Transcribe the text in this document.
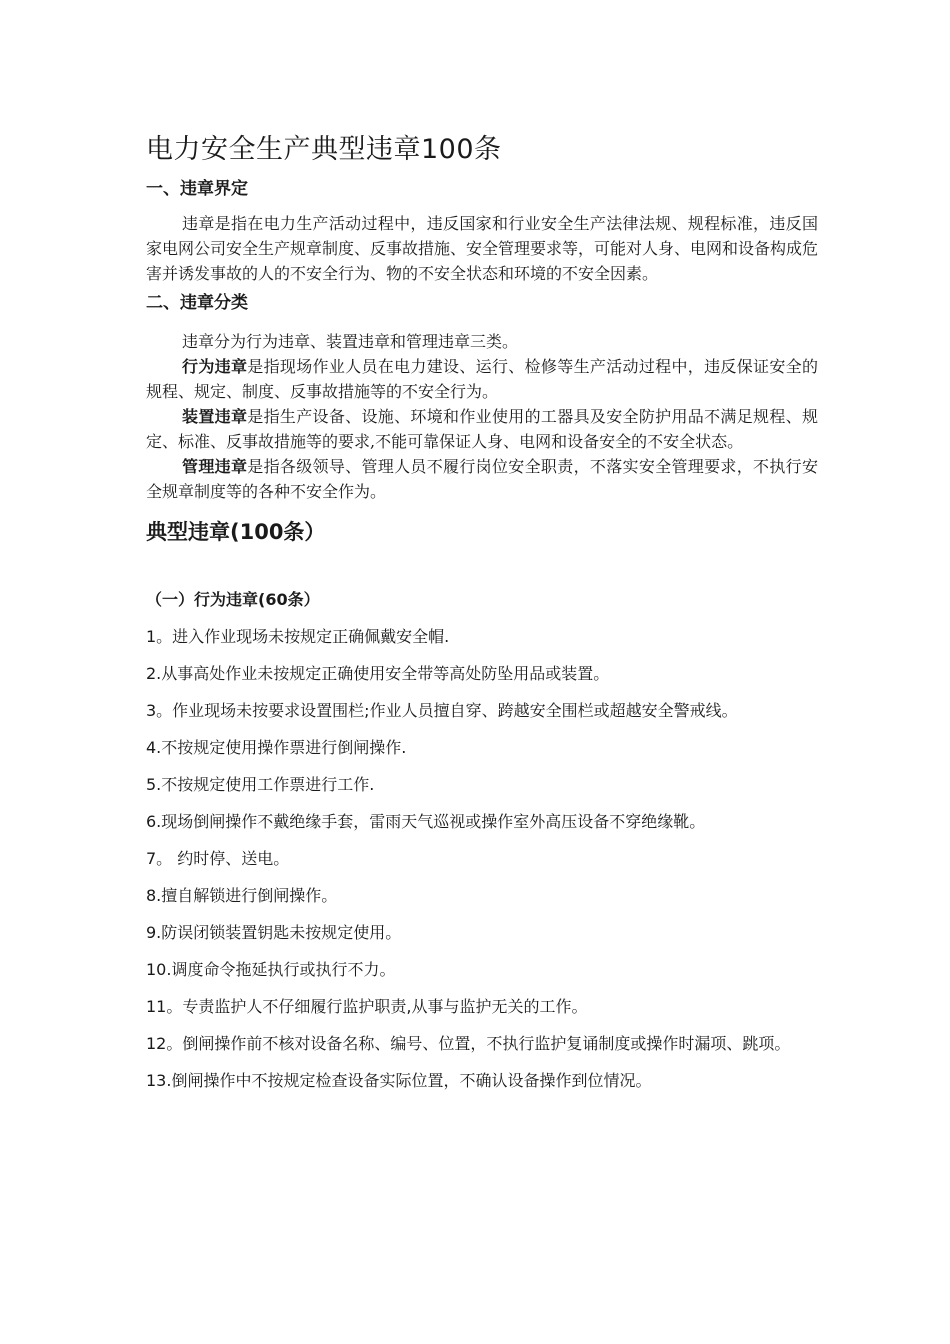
电力安全生产典型违章100条
一、违章界定

违章是指在电力生产活动过程中，违反国家和行业安全生产法律法规、规程标准，违反国家电网公司安全生产规章制度、反事故措施、安全管理要求等，可能对人身、电网和设备构成危害并诱发事故的人的不安全行为、物的不安全状态和环境的不安全因素。

二、违章分类

违章分为行为违章、装置违章和管理违章三类。

行为违章是指现场作业人员在电力建设、运行、检修等生产活动过程中，违反保证安全的规程、规定、制度、反事故措施等的不安全行为。

装置违章是指生产设备、设施、环境和作业使用的工器具及安全防护用品不满足规程、规定、标准、反事故措施等的要求,不能可靠保证人身、电网和设备安全的不安全状态。

管理违章是指各级领导、管理人员不履行岗位安全职责，不落实安全管理要求，不执行安全规章制度等的各种不安全作为。

典型违章(100条）
（一）行为违章(60条）
1。进入作业现场未按规定正确佩戴安全帽.
2.从事高处作业未按规定正确使用安全带等高处防坠用品或装置。
3。作业现场未按要求设置围栏;作业人员擅自穿、跨越安全围栏或超越安全警戒线。
4.不按规定使用操作票进行倒闸操作.
5.不按规定使用工作票进行工作.
6.现场倒闸操作不戴绝缘手套，雷雨天气巡视或操作室外高压设备不穿绝缘靴。
7。 约时停、送电。
8.擅自解锁进行倒闸操作。
9.防误闭锁装置钥匙未按规定使用。
10.调度命令拖延执行或执行不力。
11。专责监护人不仔细履行监护职责,从事与监护无关的工作。
12。倒闸操作前不核对设备名称、编号、位置，不执行监护复诵制度或操作时漏项、跳项。
13.倒闸操作中不按规定检查设备实际位置，不确认设备操作到位情况。
